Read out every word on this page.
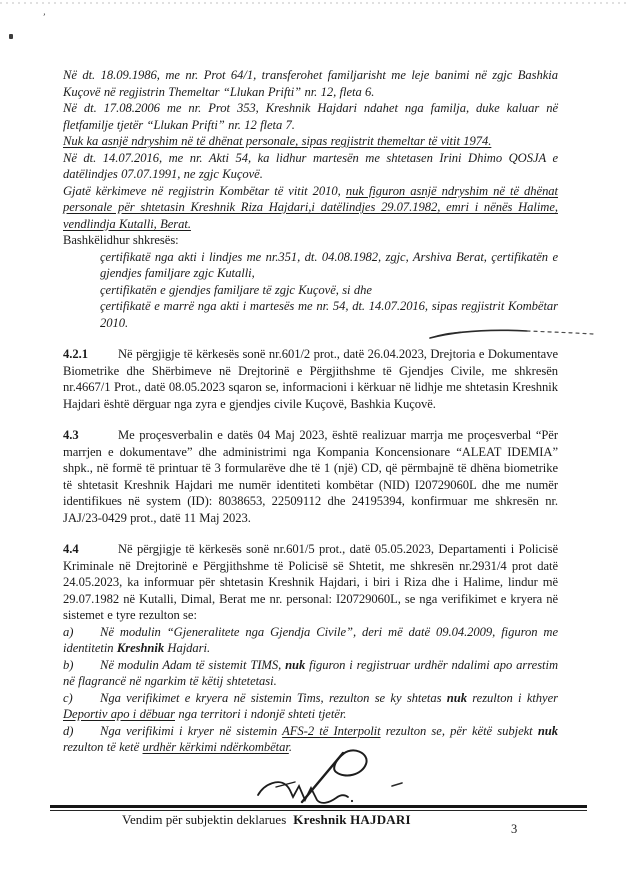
’

Në dt. 18.09.1986, me nr. Prot 64/1, transferohet familjarisht me leje banimi në zgjc Bashkia Kuçovë në regjistrin Themeltar “Llukan Prifti” nr. 12, fleta 6.

Në dt. 17.08.2006 me nr. Prot 353, Kreshnik Hajdari ndahet nga familja, duke kaluar në fletfamilje tjetër “Llukan Prifti” nr. 12 fleta 7.

Nuk ka asnjë ndryshim në të dhënat personale, sipas regjistrit themeltar të vitit 1974.

Në dt. 14.07.2016, me nr. Akti 54, ka lidhur martesën me shtetasen Irini Dhimo QOSJA e datëlindjes 07.07.1991, ne zgjc Kuçovë.

Gjatë kërkimeve në regjistrin Kombëtar të vitit 2010, nuk figuron asnjë ndryshim në të dhënat personale për shtetasin Kreshnik Riza Hajdari,i datëlindjes 29.07.1982, emri i nënës Halime, vendlindja Kutalli, Berat.

Bashkëlidhur shkresës:

çertifikatë nga akti i lindjes me nr.351, dt. 04.08.1982, zgjc, Arshiva Berat, çertifikatën e gjendjes familjare zgjc Kutalli,

çertifikatën e gjendjes familjare të zgjc Kuçovë, si dhe

çertifikatë e marrë nga akti i martesës me nr. 54, dt. 14.07.2016, sipas regjistrit Kombëtar 2010.

4.2.1 Në përgjigje të kërkesës sonë nr.601/2 prot., datë 26.04.2023, Drejtoria e Dokumentave Biometrike dhe Shërbimeve në Drejtorinë e Përgjithshme të Gjendjes Civile, me shkresën nr.4667/1 Prot., datë 08.05.2023 sqaron se, informacioni i kërkuar në lidhje me shtetasin Kreshnik Hajdari është dërguar nga zyra e gjendjes civile Kuçovë, Bashkia Kuçovë.

4.3	Me proçesverbalin e datës 04 Maj 2023, është realizuar marrja me proçesverbal “Për marrjen e dokumentave” dhe administrimi nga Kompania Koncensionare “ALEAT IDEMIA” shpk., në formë të printuar të 3 formularëve dhe të 1 (një) CD, që përmbajnë të dhëna biometrike të shtetasit Kreshnik Hajdari me numër identiteti kombëtar (NID) I20729060L dhe me numër identifikues në system (ID): 8038653, 22509112 dhe 24195394, konfirmuar me shkresën nr. JAJ/23-0429 prot., datë 11 Maj 2023.

4.4	Në përgjigje të kërkesës sonë nr.601/5 prot., datë 05.05.2023, Departamenti i Policisë Kriminale në Drejtorinë e Përgjithshme të Policisë së Shtetit, me shkresën nr.2931/4 prot datë 24.05.2023, ka informuar për shtetasin Kreshnik Hajdari, i biri i Riza dhe i Halime, lindur më 29.07.1982 në Kutalli, Dimal, Berat me nr. personal: I20729060L, se nga verifikimet e kryera në sistemet e tyre rezulton se:

a) Në modulin “Gjeneralitete nga Gjendja Civile”, deri më datë 09.04.2009, figuron me identitetin Kreshnik Hajdari.

b) Në modulin Adam të sistemit TIMS, nuk figuron i regjistruar urdhër ndalimi apo arrestim në flagrancë në ngarkim të këtij shtetetasi.

c) Nga verifikimet e kryera në sistemin Tims, rezulton se ky shtetas nuk rezulton i kthyer Deportiv apo i dëbuar nga territori i ndonjë shteti tjetër.

d) Nga verifikimi i kryer në sistemin AFS-2 të Interpolit rezulton se, për këtë subjekt nuk rezulton të ketë urdhër kërkimi ndërkombëtar.

Vendim për subjektin deklarues Kreshnik HAJDARI
3
